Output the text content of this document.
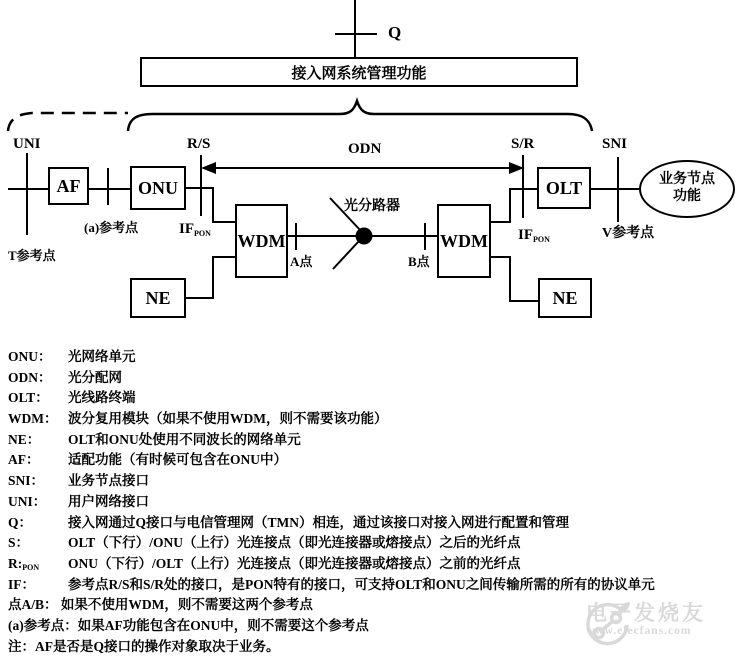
接入网系统管理功能
AF	ONU
WDM
NE
WDM
OLT
NE
业务节点
功能
Q
UNI	R/S	ODN	S/R	SNI
(a)参考点	$IF_{PON}$
T参考点
光分路器
A点	B点
$IF_{PON}$	V参考点
ONU：	光网络单元
ODN：	光分配网
OLT：	光线路终端
WDM： 波分复用模块（如果不使用WDM，则不需要该功能）
NE：	OLT和ONU处使用不同波长的网络单元
AF：	适配功能（有时候可包含在ONU中）
SNI：	业务节点接口
UNI：	用户网络接口
Q：	接入网通过Q接口与电信管理网（TMN）相连，通过该接口对接入网进行配置和管理
S：	OLT（下行）/ONU（上行）光连接点（即光连接器或熔接点）之后的光纤点
R:PON	ONU（下行）/OLT（上行）光连接点（即光连接器或熔接点）之前的光纤点
IF：	参考点R/S和S/R处的接口，是PON特有的接口，可支持OLT和ONU之间传输所需的所有的协议单元
点A/B： 如果不使用WDM，则不需要这两个参考点
(a)参考点：如果AF功能包含在ONU中，则不需要这个参考点
注：AF是否是Q接口的操作对象取决于业务。
电子发烧友
www.elecfans.com
